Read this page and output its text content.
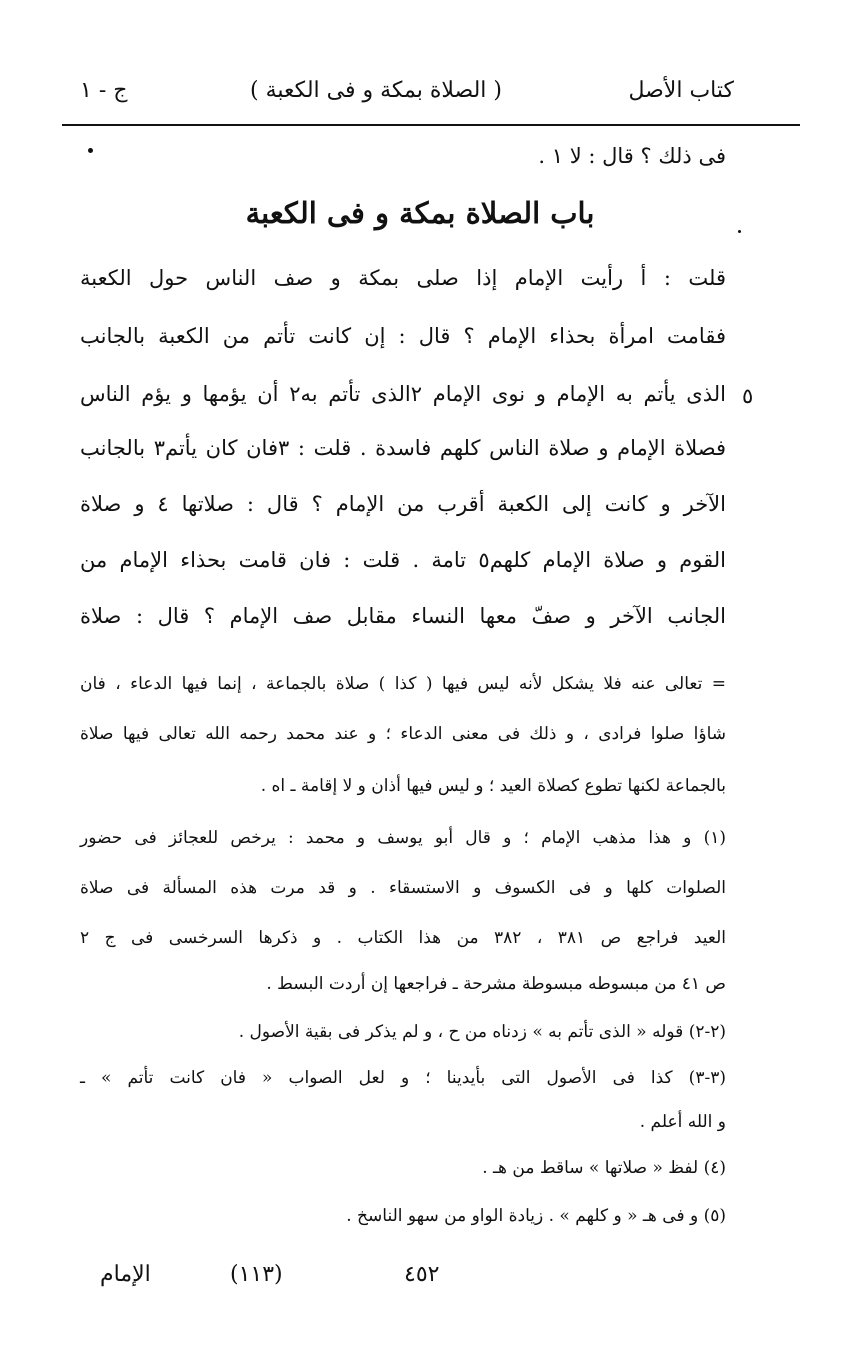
كتاب الأصل
( الصلاة بمكة و فى الكعبة )
ج - ١
فى ذلك ؟ قال : لا ١ .
باب الصلاة بمكة و فى الكعبة
قلت : أ رأيت الإمام إذا صلى بمكة و صف الناس حول الكعبة
فقامت امرأة بحذاء الإمام ؟ قال : إن كانت تأتم من الكعبة بالجانب
الذى يأتم به الإمام و نوى الإمام ٢الذى تأتم به٢ أن يؤمها و يؤم الناس ٥
فصلاة الإمام و صلاة الناس كلهم فاسدة . قلت : ٣فان كان يأتم٣ بالجانب
الآخر و كانت إلى الكعبة أقرب من الإمام ؟ قال : صلاتها ٤ و صلاة
القوم و صلاة الإمام كلهم٥ تامة . قلت : فان قامت بحذاء الإمام من
الجانب الآخر و صفّ معها النساء مقابل صف الإمام ؟ قال : صلاة
= تعالى عنه فلا يشكل لأنه ليس فيها ( كذا ) صلاة بالجماعة ، إنما فيها الدعاء ، فان
شاؤا صلوا فرادى ، و ذلك فى معنى الدعاء ؛ و عند محمد رحمه الله تعالى فيها صلاة
بالجماعة لكنها تطوع كصلاة العيد ؛ و ليس فيها أذان و لا إقامة ـ اه .
(١) و هذا مذهب الإمام ؛ و قال أبو يوسف و محمد : يرخص للعجائز فى حضور
الصلوات كلها و فى الكسوف و الاستسقاء . و قد مرت هذه المسألة فى صلاة
العيد فراجع ص ٣٨١ ، ٣٨٢ من هذا الكتاب . و ذكرها السرخسى فى ج ٢
ص ٤١ من مبسوطه مبسوطة مشرحة ـ فراجعها إن أردت البسط .
(٢-٢) قوله « الذى تأتم به » زدناه من ح ، و لم يذكر فى بقية الأصول .
(٣-٣) كذا فى الأصول التى بأيدينا ؛ و لعل الصواب « فان كانت تأتم » ـ
و الله أعلم .
(٤) لفظ « صلاتها » ساقط من هـ .
(٥) و فى هـ « و كلهم » . زيادة الواو من سهو الناسخ .
الإمام	(١١٣)	٤٥٢
